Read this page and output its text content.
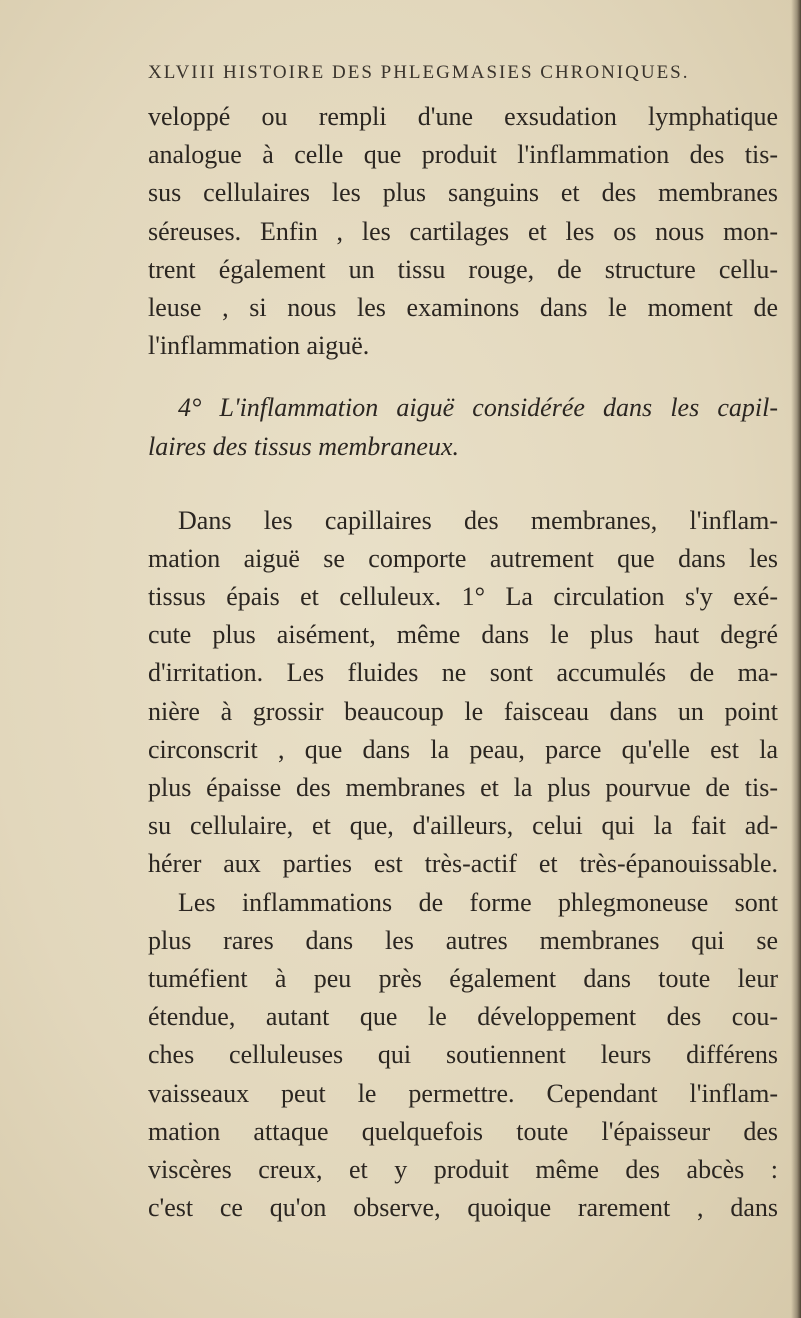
XLVIII HISTOIRE DES PHLEGMASIES CHRONIQUES.
veloppé ou rempli d'une exsudation lymphatique
analogue à celle que produit l'inflammation des tis-
sus cellulaires les plus sanguins et des membranes
séreuses. Enfin , les cartilages et les os nous mon-
trent également un tissu rouge, de structure cellu-
leuse , si nous les examinons dans le moment de
l'inflammation aiguë.
4° L'inflammation aiguë considérée dans les capil-
laires des tissus membraneux.
Dans les capillaires des membranes, l'inflam-
mation aiguë se comporte autrement que dans les
tissus épais et celluleux. 1° La circulation s'y exé-
cute plus aisément, même dans le plus haut degré
d'irritation. Les fluides ne sont accumulés de ma-
nière à grossir beaucoup le faisceau dans un point
circonscrit , que dans la peau, parce qu'elle est la
plus épaisse des membranes et la plus pourvue de tis-
su cellulaire, et que, d'ailleurs, celui qui la fait ad-
hérer aux parties est très-actif et très-épanouissable.
Les inflammations de forme phlegmoneuse sont
plus rares dans les autres membranes qui se
tuméfient à peu près également dans toute leur
étendue, autant que le développement des cou-
ches celluleuses qui soutiennent leurs différens
vaisseaux peut le permettre. Cependant l'inflam-
mation attaque quelquefois toute l'épaisseur des
viscères creux, et y produit même des abcès :
c'est ce qu'on observe, quoique rarement , dans
